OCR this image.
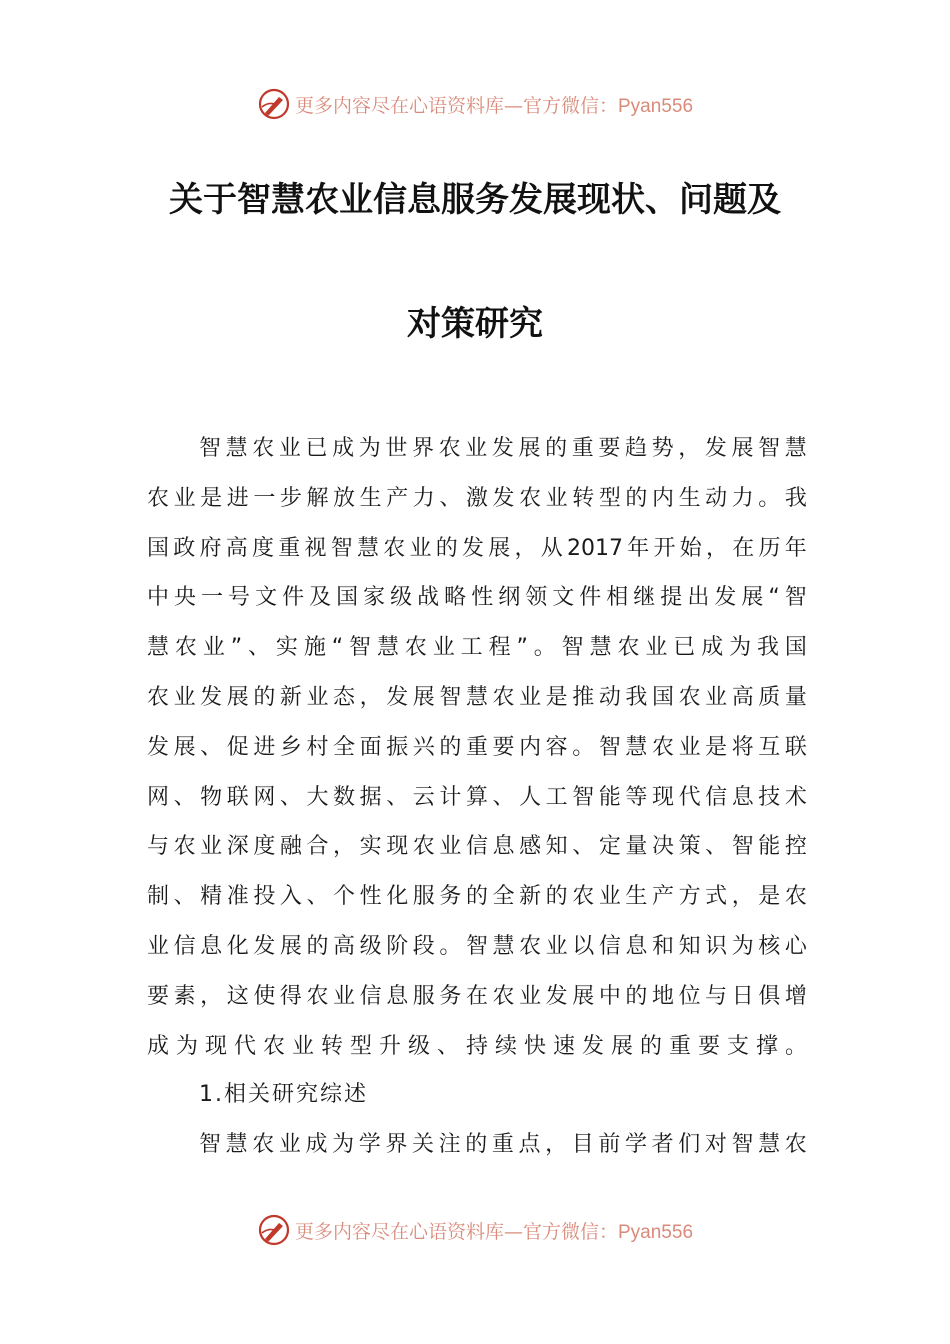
更多内容尽在心语资料库—官方微信：Pyan556
关于智慧农业信息服务发展现状、问题及
对策研究
智 慧 农 业 已 成 为 世 界 农 业 发 展 的 重 要 趋 势 ， 发 展 智 慧
农 业 是 进 一 步 解 放 生 产 力 、 激 发 农 业 转 型 的 内 生 动 力 。 我
国 政 府 高 度 重 视 智 慧 农 业 的 发 展 ， 从 2017 年 开 始 ， 在 历 年
中 央 一 号 文 件 及 国 家 级 战 略 性 纲 领 文 件 相 继 提 出 发 展 “ 智
慧 农 业 ” 、 实 施 “ 智 慧 农 业 工 程 ” 。 智 慧 农 业 已 成 为 我 国
农 业 发 展 的 新 业 态 ， 发 展 智 慧 农 业 是 推 动 我 国 农 业 高 质 量
发 展 、 促 进 乡 村 全 面 振 兴 的 重 要 内 容 。 智 慧 农 业 是 将 互 联
网 、 物 联 网 、 大 数 据 、 云 计 算 、 人 工 智 能 等 现 代 信 息 技 术
与 农 业 深 度 融 合 ， 实 现 农 业 信 息 感 知 、 定 量 决 策 、 智 能 控
制 、 精 准 投 入 、 个 性 化 服 务 的 全 新 的 农 业 生 产 方 式 ， 是 农
业 信 息 化 发 展 的 高 级 阶 段 。 智 慧 农 业 以 信 息 和 知 识 为 核 心
要 素 ， 这 使 得 农 业 信 息 服 务 在 农 业 发 展 中 的 地 位 与 日 俱 增
成为现代农业转型升级、持续快速发展的重要支撑。
1.相关研究综述
智 慧 农 业 成 为 学 界 关 注 的 重 点 ， 目 前 学 者 们 对 智 慧 农
更多内容尽在心语资料库—官方微信：Pyan556
